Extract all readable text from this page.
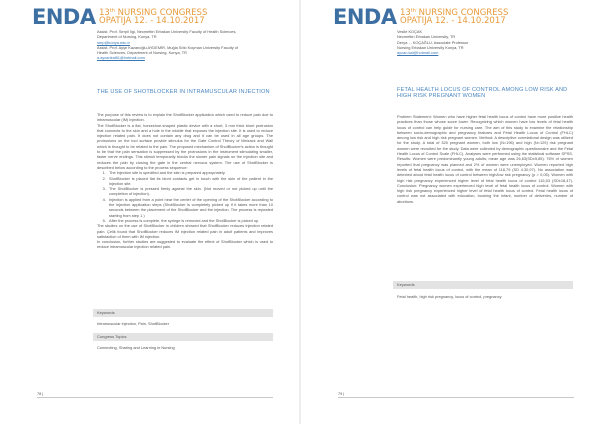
ENDA 13th NURSING CONGRESS
OPATIJA 12. - 14.10.2017
Assist. Prof. Serpil Ilgi, Necmettin Erbakan University Faculty of Health Sciences,
Department of Nursing, Konya, TR
serp@konya.edu.tr
Assist. Prof. Ayşe Kazanoğlu AYDEMİR, Muğla Sıtkı Koçman University Faculty of
Health Sciences, Department of Nursing, Konya, TR
a.aycankal61@hotmail.com
THE USE OF SHOTBLOCKER IN INTRAMUSCULAR INJECTION

The purpose of this review is to explain the ShotBlocker application which used to reduce pain due to intramuscular (IM) injection.

The ShotBlocker is a flat, horseshoe-shaped plastic device with a short, 3 mm thick blunt protrusion that connects to the skin and a hole in the middle that exposes the injection site. It is used to reduce injection related pain. It does not contain any drug and it can be used in all age groups. The protrusions on the tool surface provide stimulus for the Gate Control Theory of Melzack and Wall which is thought to be related to the pain. The proposed mechanism of ShotBlocker's action is thought to be that the pain sensation is suppressed by the protrusions in the instrument stimulating smaller, faster nerve endings. This stimuli temporarily blocks the slower pain signals on the injection site and reduces the pain by closing the gate in the central nervous system. The use of ShotBlocker is described below according to the process sequence:

1. The injection site is specified and the skin is prepared appropriately.
2. ShotBlocker is placed flat its blunt contacts get in touch with the skin of the patient in the injection site.
3. The ShotBlocker is pressed firmly against the skin. (Not moved or not picked up until the completion of injection).
4. Injection is applied from a point near the center of the opening of the ShotBlocker according to the injection application steps (ShotBlocker is completely picked up if it takes more than 10 seconds between the placement of the ShotBlocker and the injection. The process is repeated starting from step 1.)
5. After the process is complete, the syringe is removed and the ShotBlocker is picked up.

The studies on the use of ShotBlocker in children showed that ShotBlocker reduces injection related pain. Çelik found that ShotBlocker reduces IM injection related pain in adult patients and improves satisfaction of them with IM injection.
In conclusion, further studies are suggested to evaluate the effect of ShotBlocker which is used to reduce intramuscular injection related pain.

Keywords
Intramuscular injection, Pain, ShotBlocker
Congress Topics
Connecting, Sharing and Learning in Nursing
78 |
ENDA 13th NURSING CONGRESS
OPATIJA 12. - 14.10.2017
Vesile KOÇAK
Necmettin Erbakan University, TR
Derya ... KOÇAĞLU, Associate Professor
Nursing Erbakan University Konya, TR
aycan.kal@hotmail.com
FETAL HEALTH LOCUS OF CONTROL AMONG LOW RISK AND HIGH RISK PREGNANT WOMEN

Problem Statement: Women who have higher fetal health locus of control have more positive health practices than those whose score lower. Recognizing which women have low levels of fetal health locus of control can help guide for nursing care. The aim of this study to examine the relationship between socio-demographic and pregnancy features and Fetal Health Locus of Control (FHLC) among low risk and high risk pregnant women. Method: A descriptive correlational design was utilized for the study. A total of 325 pregnant women, both low (N=196) and high (N=129) risk pregnant women were recruited for the study. Data were collected by demographic questionnaire and the Fetal Health Locus of Control Scale (FHLC). Analyses were performed using the statistical software SPSS. Results: Women were predominantly young adults; mean age was 26,63(SD±5,85). 76% of women reported that pregnancy was planned and 2% of women were unemployed. Women reported high levels of fetal health locus of control, with the mean of 118,79 (SD 4.30,97). No association was detected about fetal health locus of control between high/low risk pregnancy (p > 0,05). Women with high risk pregnancy experienced higher level of fetal health locus of control 115,53 (SD±18,47). Conclusion: Pregnancy women experienced high level of fetal health locus of control. Women with high risk pregnancy experienced higher level of fetal health locus of control. Fetal health locus of control was not associated with education, booking the infant, number of deliveries, number of abortions.

Keywords
Fetal health, high risk pregnancy, locus of control, pregnancy
79 |
